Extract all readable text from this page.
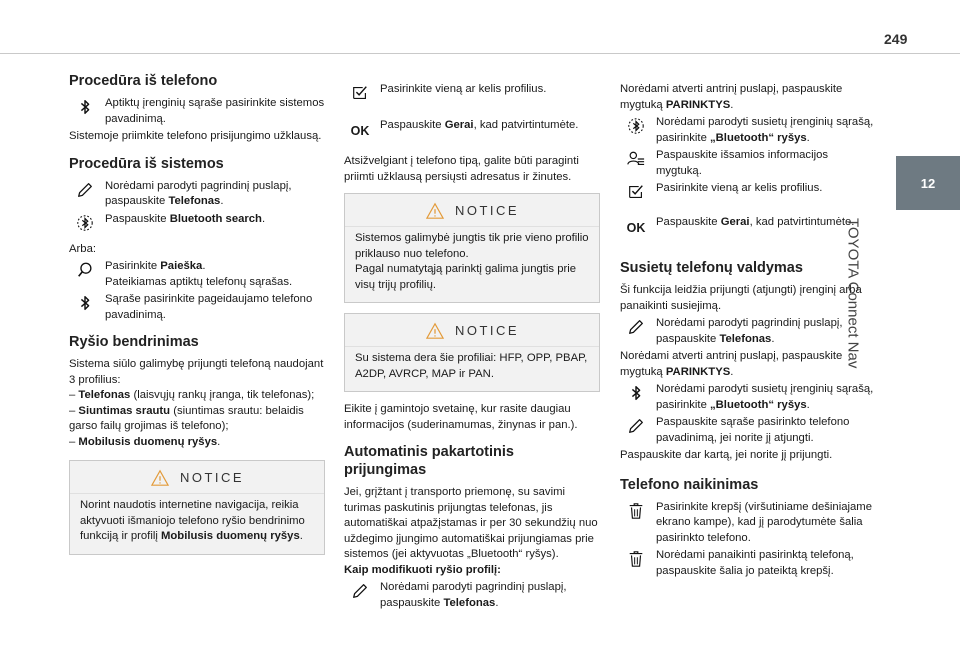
249
12
TOYOTA Connect Nav
Procedūra iš telefono
Aptiktų įrenginių sąraše pasirinkite sistemos pavadinimą.

Sistemoje priimkite telefono prisijungimo užklausą.

Procedūra iš sistemos
Norėdami parodyti pagrindinį puslapį, paspauskite Telefonas.
Paspauskite Bluetooth search.

Arba:

Pasirinkite Paieška.
Pateikiamas aptiktų telefonų sąrašas.
Sąraše pasirinkite pageidaujamo telefono pavadinimą.
Ryšio bendrinimas

Sistema siūlo galimybę prijungti telefoną naudojant 3 profilius:

– Telefonas (laisvųjų rankų įranga, tik telefonas);

– Siuntimas srautu (siuntimas srautu: belaidis garso failų grojimas iš telefono);

– Mobilusis duomenų ryšys.

NOTICE
Norint naudotis internetine navigacija, reikia aktyvuoti išmaniojo telefono ryšio bendrinimo funkciją ir profilį Mobilusis duomenų ryšys.
Pasirinkite vieną ar kelis profilius.
OK Paspauskite Gerai, kad patvirtintumėte.

Atsižvelgiant į telefono tipą, galite būti paraginti priimti užklausą persiųsti adresatus ir žinutes.

NOTICE

Sistemos galimybė jungtis tik prie vieno profilio priklauso nuo telefono.

Pagal numatytąją parinktį galima jungtis prie visų trijų profilių.

NOTICE
Su sistema dera šie profiliai: HFP, OPP, PBAP, A2DP, AVRCP, MAP ir PAN.

Eikite į gamintojo svetainę, kur rasite daugiau informacijos (suderinamumas, žinynas ir pan.).

Automatinis pakartotinis prijungimas

Jei, grįžtant į transporto priemonę, su savimi turimas paskutinis prijungtas telefonas, jis automatiškai atpažįstamas ir per 30 sekundžių nuo uždegimo įjungimo automatiškai prijungiamas prie sistemos (jei aktyvuotas „Bluetooth“ ryšys).

Kaip modifikuoti ryšio profilį:

Norėdami parodyti pagrindinį puslapį, paspauskite Telefonas.

Norėdami atverti antrinį puslapį, paspauskite mygtuką PARINKTYS.

Norėdami parodyti susietų įrenginių sąrašą, pasirinkite „Bluetooth“ ryšys.
Paspauskite išsamios informacijos mygtuką.
Pasirinkite vieną ar kelis profilius.
OK Paspauskite Gerai, kad patvirtintumėte.
Susietų telefonų valdymas

Ši funkcija leidžia prijungti (atjungti) įrenginį arba panaikinti susiejimą.

Norėdami parodyti pagrindinį puslapį, paspauskite Telefonas.

Norėdami atverti antrinį puslapį, paspauskite mygtuką PARINKTYS.

Norėdami parodyti susietų įrenginių sąrašą, pasirinkite „Bluetooth“ ryšys.
Paspauskite sąraše pasirinkto telefono pavadinimą, jei norite jį atjungti.

Paspauskite dar kartą, jei norite jį prijungti.

Telefono naikinimas
Pasirinkite krepšį (viršutiniame dešiniajame ekrano kampe), kad jį parodytumėte šalia pasirinkto telefono.
Norėdami panaikinti pasirinktą telefoną, paspauskite šalia jo pateiktą krepšį.
